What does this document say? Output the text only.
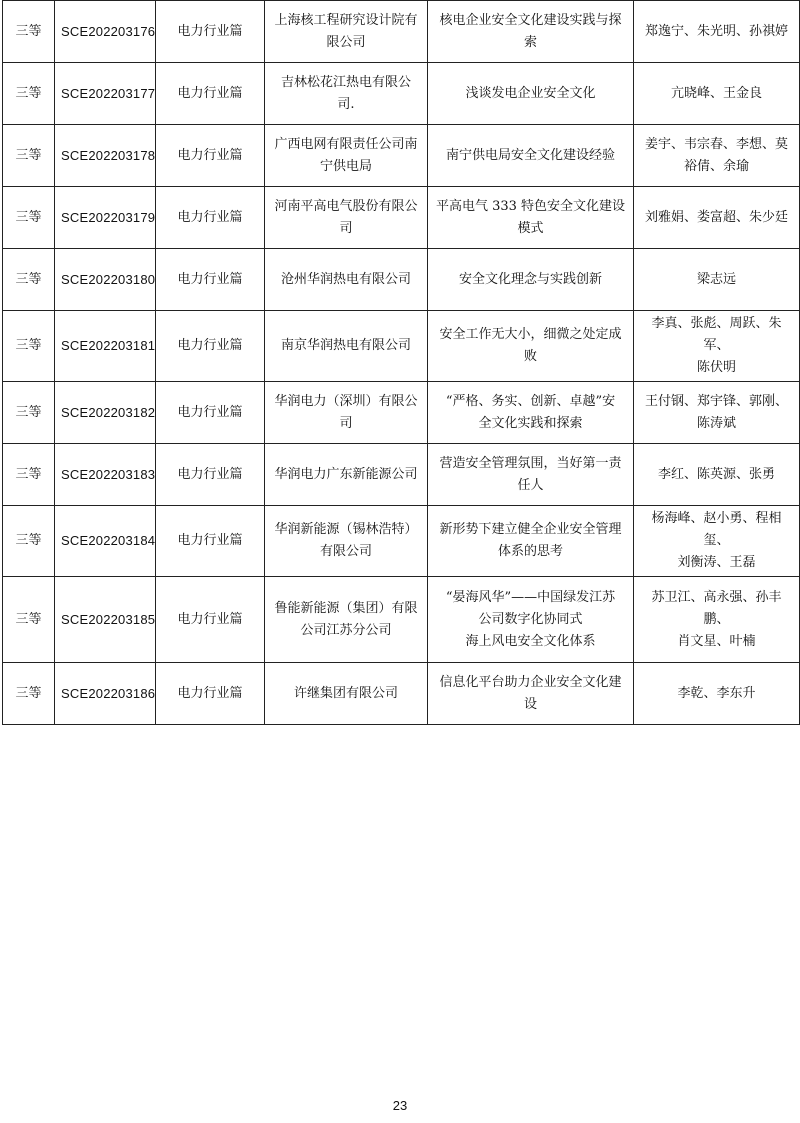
三等	SCE202203176	电力行业篇	上海核工程研究设计院有
限公司	核电企业安全文化建设实践与探
索	郑逸宁、朱光明、孙祺婷

三等	SCE202203177	电力行业篇	吉林松花江热电有限公
司.	浅谈发电企业安全文化	亢晓峰、王金良

三等	SCE202203178	电力行业篇	广西电网有限责任公司南
宁供电局	南宁供电局安全文化建设经验	姜宇、韦宗春、李想、莫
裕倩、余瑜

三等	SCE202203179	电力行业篇	河南平高电气股份有限公
司	平高电气 333 特色安全文化建设
模式	刘雅娟、娄富超、朱少廷

三等	SCE202203180	电力行业篇	沧州华润热电有限公司	安全文化理念与实践创新	梁志远

三等	SCE202203181	电力行业篇	南京华润热电有限公司	安全工作无大小，细微之处定成
败	李真、张彪、周跃、朱军、
陈伏明

三等	SCE202203182	电力行业篇	华润电力（深圳）有限公
司	“严格、务实、创新、卓越”安
全文化实践和探索	王付钢、郑宇锋、郭刚、
陈涛斌

三等	SCE202203183	电力行业篇	华润电力广东新能源公司	营造安全管理氛围，当好第一责
任人	李红、陈英源、张勇

三等	SCE202203184	电力行业篇	华润新能源（锡林浩特）
有限公司	新形势下建立健全企业安全管理
体系的思考	杨海峰、赵小勇、程相玺、
刘衡涛、王磊

三等	SCE202203185	电力行业篇	鲁能新能源（集团）有限
公司江苏分公司	“晏海风华”——中国绿发江苏
公司数字化协同式
海上风电安全文化体系	苏卫江、高永强、孙丰鹏、
肖文星、叶楠

三等	SCE202203186	电力行业篇	许继集团有限公司	信息化平台助力企业安全文化建
设	李乾、李东升
23
